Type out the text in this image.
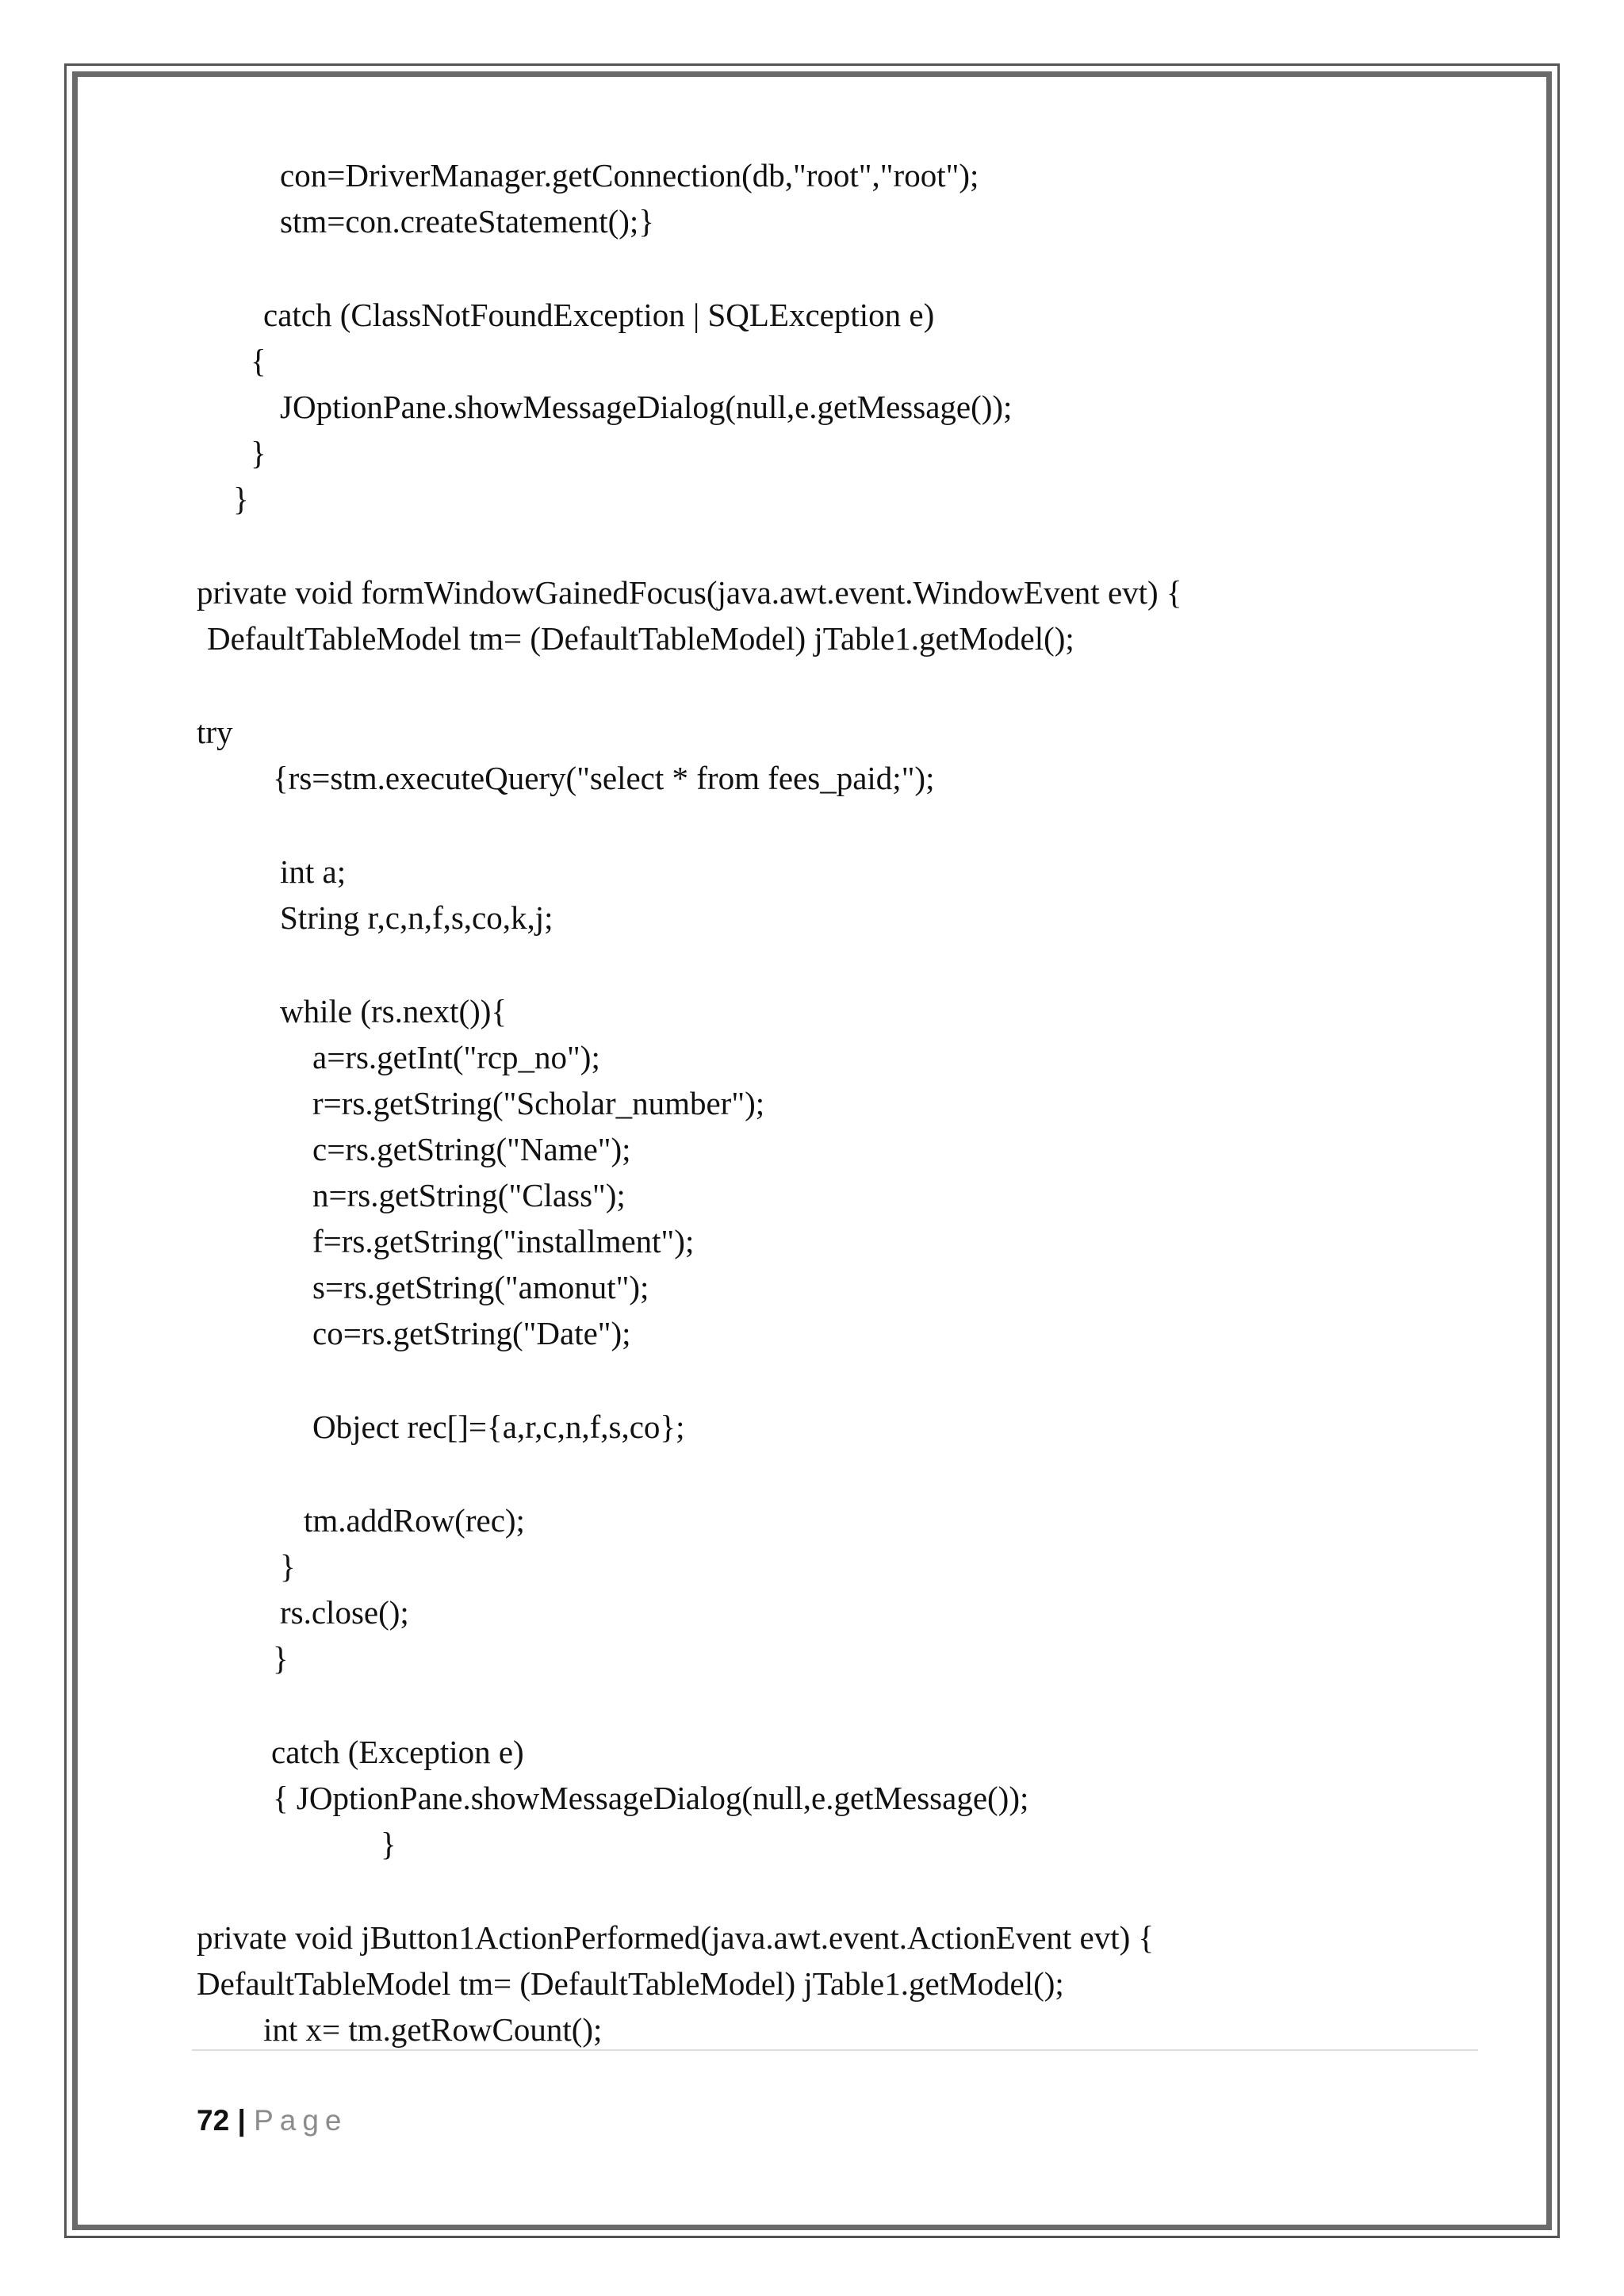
con=DriverManager.getConnection(db,"root","root");
stm=con.createStatement();}
catch (ClassNotFoundException | SQLException e)
{
JOptionPane.showMessageDialog(null,e.getMessage());
}
}
private void formWindowGainedFocus(java.awt.event.WindowEvent evt) {
DefaultTableModel tm= (DefaultTableModel) jTable1.getModel();
try
{rs=stm.executeQuery("select * from fees_paid;");
int a;
String r,c,n,f,s,co,k,j;
while (rs.next()){
a=rs.getInt("rcp_no");
r=rs.getString("Scholar_number");
c=rs.getString("Name");
n=rs.getString("Class");
f=rs.getString("installment");
s=rs.getString("amonut");
co=rs.getString("Date");
Object rec[]={a,r,c,n,f,s,co};
tm.addRow(rec);
}
rs.close();
}
catch (Exception e)
{ JOptionPane.showMessageDialog(null,e.getMessage());
}
private void jButton1ActionPerformed(java.awt.event.ActionEvent evt) {
DefaultTableModel tm= (DefaultTableModel) jTable1.getModel();
int x= tm.getRowCount();
72 | Page
